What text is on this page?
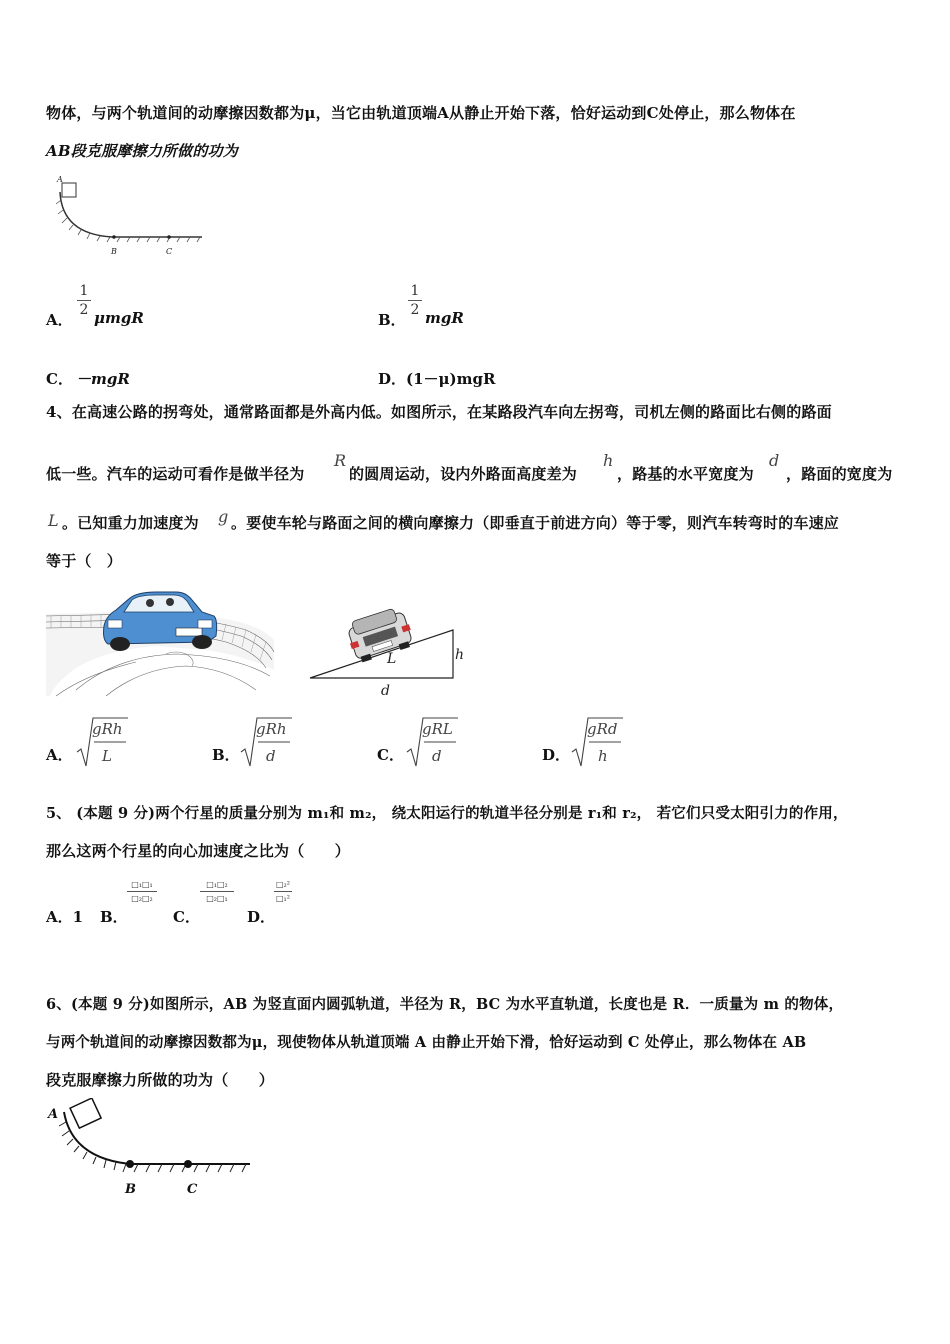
物体，与两个轨道间的动摩擦因数都为μ，当它由轨道顶端A从静止开始下落，恰好运动到C处停止，那么物体在
AB段克服摩擦力所做的功为
A
B	C
A．
1
2 μmgR	B．
1
2 mgR
C． －mgR	D． (1－μ)mgR
4、在高速公路的拐弯处，通常路面都是外高内低。如图所示，在某路段汽车向左拐弯，司机左侧的路面比右侧的路面
低一些。汽车的运动可看作是做半径为
R
的圆周运动，设内外路面高度差为
h
，路基的水平宽度为
d
，路面的宽度为
L 。已知重力加速度为 g 。要使车轮与路面之间的横向摩擦力（即垂直于前进方向）等于零，则汽车转弯时的车速应
等于（　）
L	h
d
A．
gRh
L	B．
gRh
d	C．
gRL
d	D．
gRd
h
5、 (本题 9 分)两个行星的质量分别为 m₁和 m₂， 绕太阳运行的轨道半径分别是 r₁和 r₂， 若它们只受太阳引力的作用，
那么这两个行星的向心加速度之比为（　　）
A．1 B．
□₁□₁
□₂□₂
C．
□₁□₂
□₂□₁
D．
□₂²
□₁²
6、(本题 9 分)如图所示，AB 为竖直面内圆弧轨道，半径为 R，BC 为水平直轨道，长度也是 R．一质量为 m 的物体，
与两个轨道间的动摩擦因数都为μ，现使物体从轨道顶端 A 由静止开始下滑，恰好运动到 C 处停止，那么物体在 AB
段克服摩擦力所做的功为（　　）
A
B	C
